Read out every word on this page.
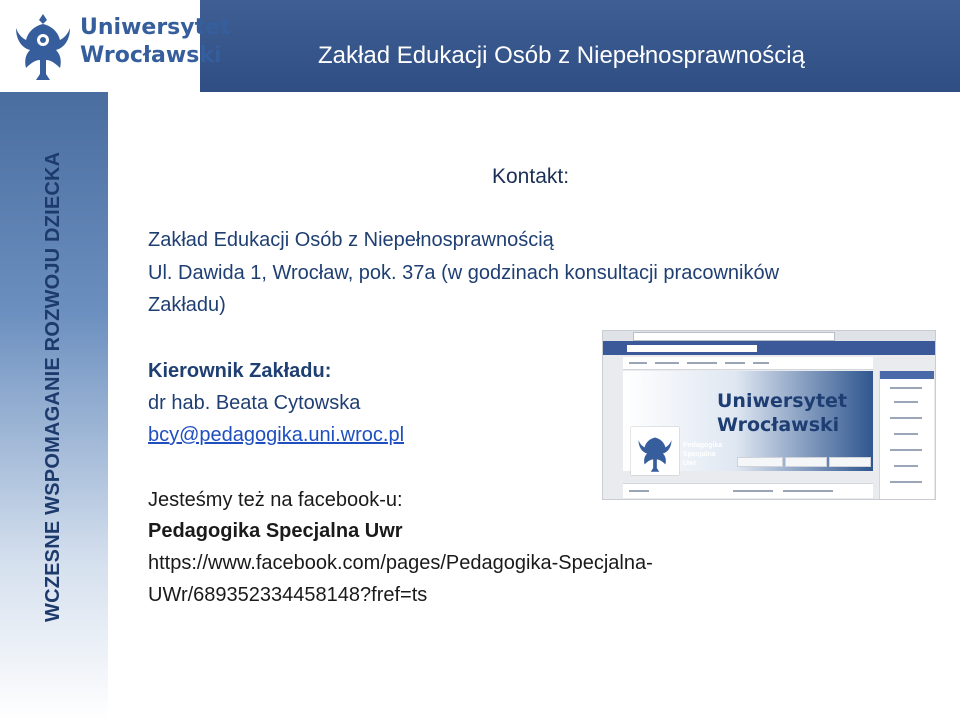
Uniwersytet
Wrocławski	Zakład Edukacji Osób z Niepełnosprawnością
WCZESNE WSPOMAGANIE ROZWOJU DZIECKA	Kontakt:
Zakład Edukacji Osób z Niepełnosprawnością
Ul. Dawida 1, Wrocław, pok. 37a (w godzinach konsultacji pracowników
Zakładu)
Kierownik Zakładu:
dr hab. Beata Cytowska
bcy@pedagogika.uni.wroc.pl
Jesteśmy też na facebook-u:
Pedagogika Specjalna Uwr
https://www.facebook.com/pages/Pedagogika-Specjalna-
UWr/689352334458148?fref=ts
Uniwersytet
Wrocławski
Pedagogika
Specjalna
Uwr
